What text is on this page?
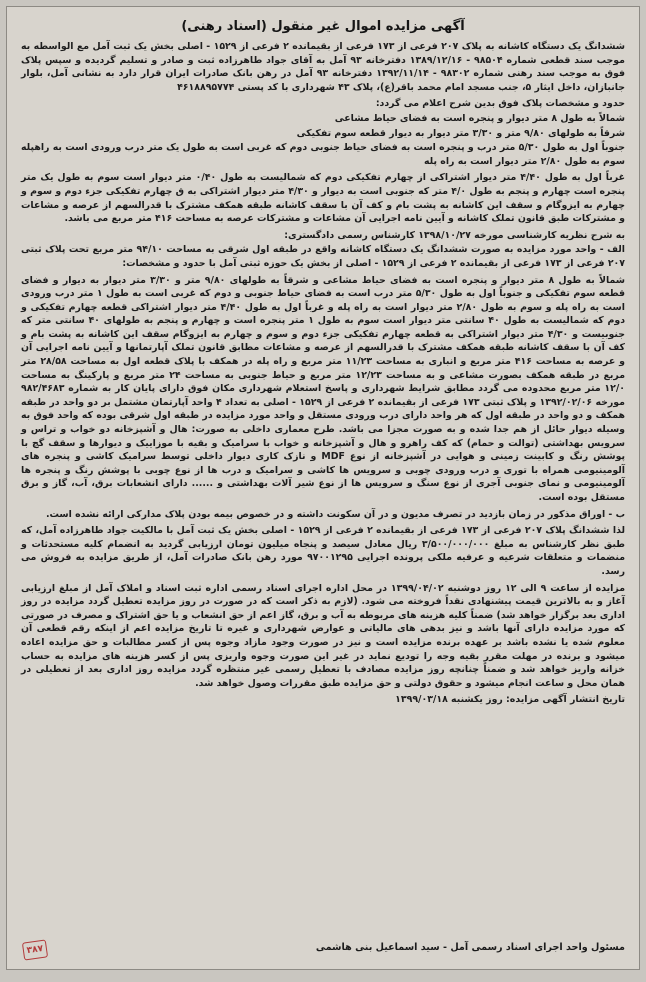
آگهی مزایده اموال غیر منقول (اسناد رهنی)
ششدانگ یک دستگاه کاشانه به پلاک ۲۰۷ فرعی از ۱۷۳ فرعی از بقیمانده ۲ فرعی از ۱۵۲۹ - اصلی بخش یک ثبت آمل مع الواسطه به موجب سند قطعی شماره ۹۸۵۰۴ - ۱۳۸۹/۱۲/۱۶ دفترخانه ۹۳ آمل به آقای جواد طاهرزاده ثبت و صادر و تسلیم گردیده و سپس پلاک فوق به موجب سند رهنی شماره ۹۸۳۰۲ - ۱۳۹۲/۱۱/۱۴ دفترخانه ۹۳ آمل در رهن بانک صادرات ایران قرار دارد به نشانی آمل، بلوار جانبازان، داخل ایثار ۵، جنب مسجد امام محمد باقر(ع)، پلاک ۴۳ شهرداری با کد پستی ۴۶۱۸۸۹۵۷۷۴
حدود و مشخصات پلاک فوق بدین شرح اعلام می گردد:
شمالاً به طول ۸ متر دیوار و پنجره است به فضای حیاط مشاعی
شرقاً به طولهای ۹/۸۰ متر و ۳/۳۰ متر دیوار به دیوار قطعه سوم تفکیکی
جنوباً اول به طول ۵/۳۰ متر درب و پنجره است به فضای حیاط جنوبی دوم که غربی است به طول یک متر درب ورودی است به راهپله سوم به طول ۲/۸۰ متر دیوار است به راه پله
غرباً اول به طول ۴/۴۰ متر دیوار اشتراکی از چهارم تفکیکی دوم که شمالیست به طول ۰/۴۰ متر دیوار است سوم به طول یک متر پنجره است چهارم و پنجم به طول ۴/۰ متر که جنوبی است به دیوار و ۴/۳۰ متر دیوار اشتراکی به ق چهارم تفکیکی جزء دوم و سوم و چهارم به ایزوگام و سقف این کاشانه به پشت بام و کف آن با سقف کاشانه طبقه همکف مشترک با قدرالسهم از عرصه و مشاعات و مشترکات طبق قانون تملک کاشانه و آیین نامه اجرایی آن مشاعات و مشترکات عرصه به مساحت ۴۱۶ متر مربع می باشد.
به شرح نظریه کارشناسی مورخه ۱۳۹۸/۱۰/۲۷ کارشناس رسمی دادگستری:
الف - واحد مورد مزایده به صورت ششدانگ یک دستگاه کاشانه واقع در طبقه اول شرقی به مساحت ۹۴/۱۰ متر مربع تحت پلاک ثبتی ۲۰۷ فرعی از ۱۷۳ فرعی از بقیمانده ۲ فرعی از ۱۵۲۹ - اصلی از بخش یک حوزه ثبتی آمل با حدود و مشخصات:
شمالاً به طول ۸ متر دیوار و پنجره است به فضای حیاط مشاعی و شرقاً به طولهای ۹/۸۰ متر و ۳/۳۰ متر دیوار به دیوار و فضای قطعه سوم تفکیکی و جنوباً اول به طول ۵/۳۰ متر درب است به فضای حیاط جنوبی و دوم که غربی است به طول ۱ متر درب ورودی است به راه پله و سوم به طول ۲/۸۰ متر دیوار است به راه پله و غرباً اول به طول ۴/۴۰ متر دیوار اشتراکی قطعه چهارم تفکیکی و دوم که شمالیست به طول ۴۰ سانتی متر دیوار است سوم به طول ۱ متر پنجره است و چهارم و پنجم به طولهای ۴۰ سانتی متر که جنوبیست و ۴/۳۰ متر دیوار اشتراکی به قطعه چهارم تفکیکی جزء دوم و سوم و چهارم به ایزوگام سقف این کاشانه به پشت بام و کف آن با سقف کاشانه طبقه همکف مشترک با قدرالسهم از عرصه و مشاعات مطابق قانون تملک آپارتمانها و آیین نامه اجرایی آن و عرصه به مساحت ۴۱۶ متر مربع و انباری به مساحت ۱۱/۲۳ متر مربع و راه پله در همکف با پلاک قطعه اول به مساحت ۲۸/۵۸ متر مربع در طبقه همکف بصورت مشاعی و به مساحت ۱۲/۲۳ متر مربع و حیاط جنوبی به مساحت ۲۴ متر مربع و پارکینگ به مساحت ۱۲/۰ متر مربع محدوده می گردد مطابق شرایط شهرداری و پاسخ استعلام شهرداری مکان فوق دارای پایان کار به شماره ۹۸۲/۴۶۸۳ مورخه ۱۳۹۲/۰۲/۰۶ و پلاک ثبتی ۱۷۳ فرعی از بقیمانده ۲ فرعی از ۱۵۲۹ - اصلی به تعداد ۴ واحد آپارتمان مشتمل بر دو واحد در طبقه همکف و دو واحد در طبقه اول که هر واحد دارای درب ورودی مستقل و واحد مورد مزایده در طبقه اول شرقی بوده که واحد فوق به وسیله دیوار حائل از هم جدا شده و به صورت مجزا می باشد. طرح معماری داخلی به صورت: هال و آشپزخانه دو خواب و تراس و سرویس بهداشتی (توالت و حمام) که کف راهرو و هال و آشپزخانه و خواب با سرامیک و بقیه با موزاییک و دیوارها و سقف گچ با پوشش رنگ و کابینت زمینی و هوایی در آشپزخانه از نوع MDF و نازک کاری دیوار داخلی توسط سرامیک کاشی و پنجره های آلومینیومی همراه با توری و درب ورودی چوبی و سرویس ها کاشی و سرامیک و درب ها از نوع چوبی با پوشش رنگ و پنجره ها آلومینیومی و نمای جنوبی آجری از نوع سنگ و سرویس ها از نوع شیر آلات بهداشتی و ...... دارای انشعابات برق، آب، گاز و برق مستقل بوده است.
ب - اوراق مذکور در زمان بازدید در تصرف مدیون و در آن سکونت داشته و در خصوص بیمه بودن پلاک مدارکی ارائه نشده است.
لذا ششدانگ پلاک ۲۰۷ فرعی از ۱۷۳ فرعی از بقیمانده ۲ فرعی از ۱۵۲۹ - اصلی بخش یک ثبت آمل با مالکیت جواد طاهرزاده آمل، که طبق نظر کارشناس به مبلغ ۳/۵۰۰/۰۰۰/۰۰۰ ریال معادل سیصد و پنجاه میلیون تومان ارزیابی گردید به انضمام کلیه مستحدثات و منضمات و متعلقات شرعیه و عرفیه ملکی پرونده اجرایی ۹۷۰۰۱۲۹۵ مورد رهن بانک صادرات آمل، از طریق مزایده به فروش می رسد.
مزایده از ساعت ۹ الی ۱۲ روز دوشنبه ۱۳۹۹/۰۴/۰۲ در محل اداره اجرای اسناد رسمی اداره ثبت اسناد و املاک آمل از مبلغ ارزیابی آغاز و به بالاترین قیمت پیشنهادی نقداً فروخته می شود. (لازم به ذکر است که در صورت در روز مزایده تعطیل گردد مزایده در روز اداری بعد برگزار خواهد شد) ضمناً کلیه هزینه های مربوطه به آب و برق، گاز اعم از حق انشعاب و یا حق اشتراک و مصرف در صورتی که مورد مزایده دارای آنها باشد و نیز بدهی های مالیاتی و عوارض شهرداری و غیره تا تاریخ مزایده اعم از اینکه رقم قطعی آن معلوم شده یا نشده باشد بر عهده برنده مزایده است و نیز در صورت وجود مازاد وجوه پس از کسر مطالبات و حق مزایده اعاده میشود و برنده در مهلت مقرر بقیه وجه را تودیع نماید در غیر این صورت وجوه واریزی پس از کسر هزینه های مزایده به حساب خزانه واریز خواهد شد و ضمناً چنانچه روز مزایده مصادف با تعطیل رسمی غیر منتظره گردد مزایده روز اداری بعد از تعطیلی در همان محل و ساعت انجام میشود و حقوق دولتی و حق مزایده طبق مقررات وصول خواهد شد.
تاریخ انتشار آگهی مزایده: روز یکشنبه ۱۳۹۹/۰۳/۱۸
مسئول واحد اجرای اسناد رسمی آمل - سید اسماعیل بنی هاشمی
۳۸۷
